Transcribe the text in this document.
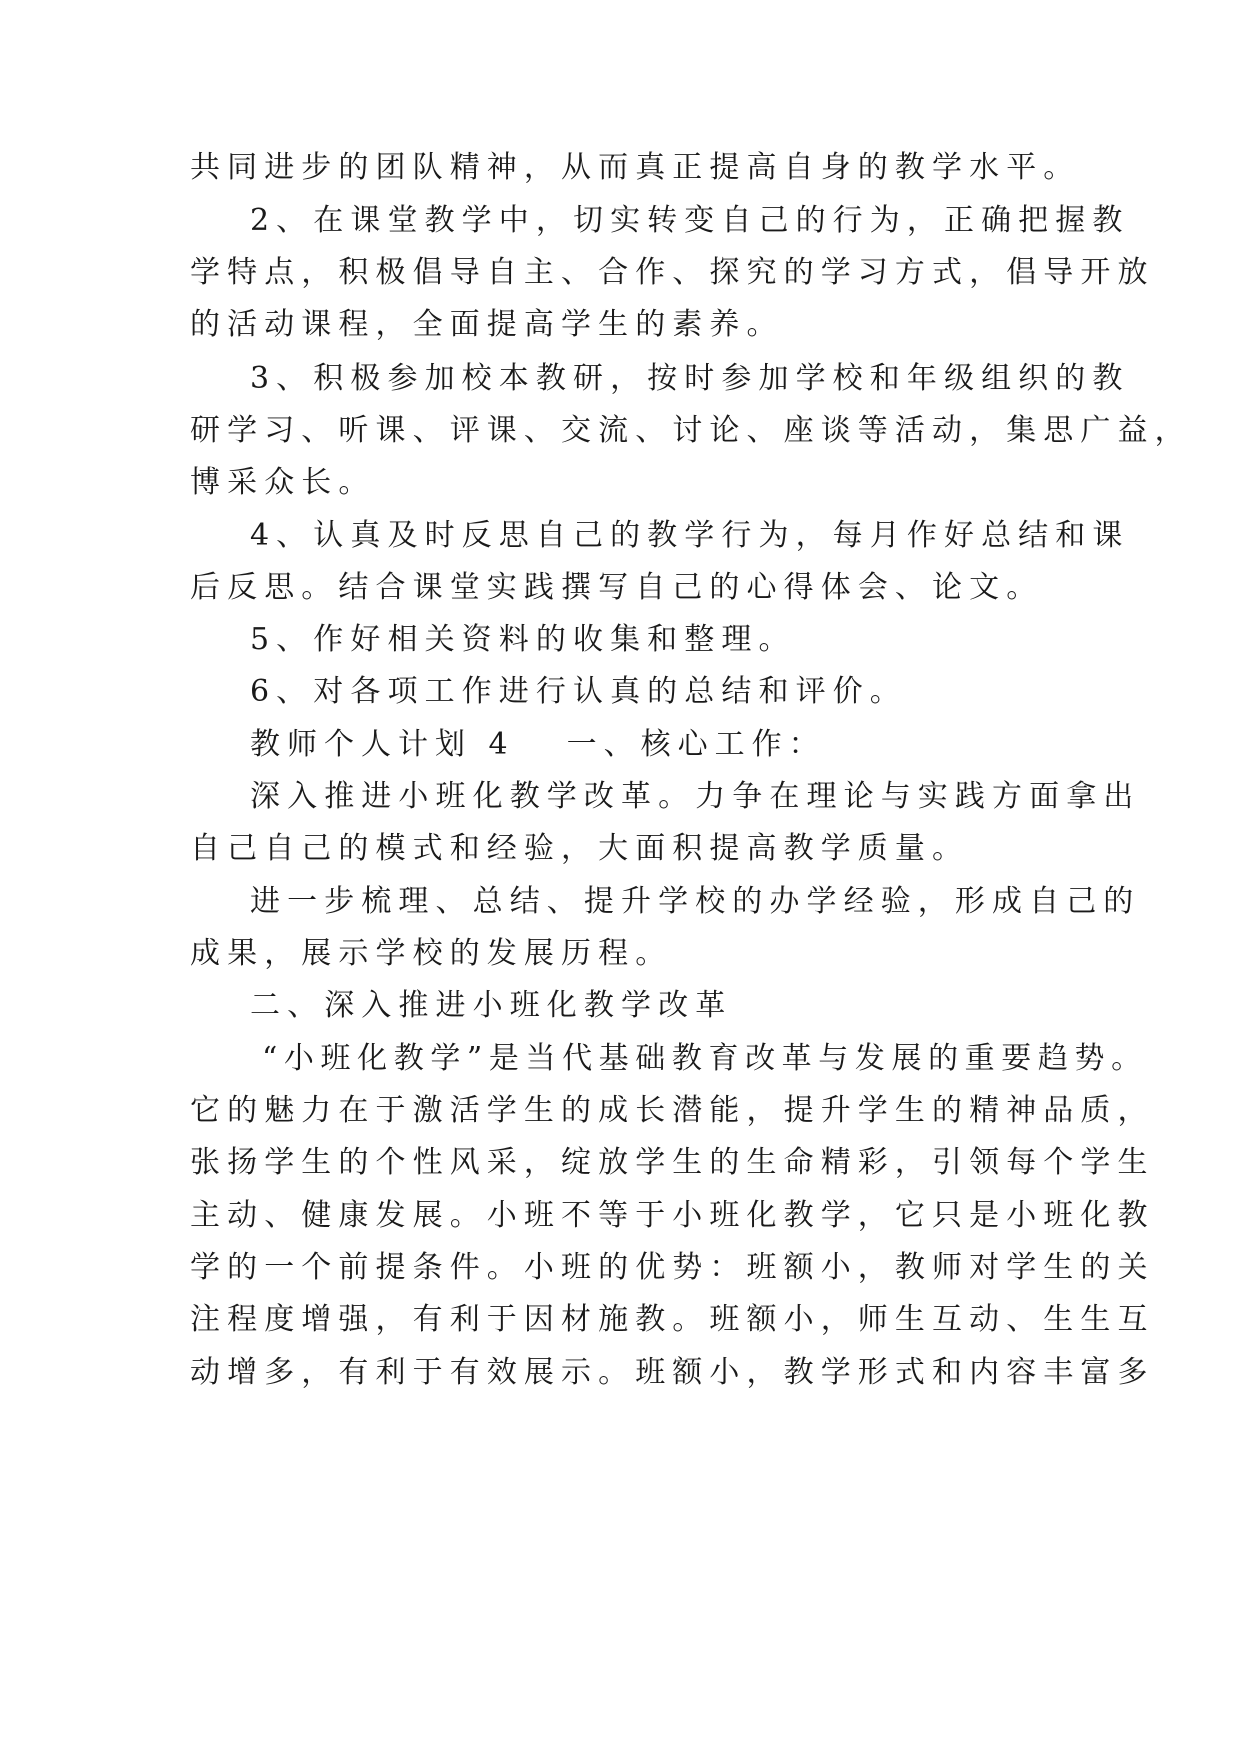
共同进步的团队精神，从而真正提高自身的教学水平。
2、在课堂教学中，切实转变自己的行为，正确把握教
学特点，积极倡导自主、合作、探究的学习方式，倡导开放
的活动课程，全面提高学生的素养。
3、积极参加校本教研，按时参加学校和年级组织的教
研学习、听课、评课、交流、讨论、座谈等活动，集思广益，
博采众长。
4、认真及时反思自己的教学行为，每月作好总结和课
后反思。结合课堂实践撰写自己的心得体会、论文。
5、作好相关资料的收集和整理。
6、对各项工作进行认真的总结和评价。
教师个人计划 4 一、核心工作：
深入推进小班化教学改革。力争在理论与实践方面拿出
自己自己的模式和经验，大面积提高教学质量。
进一步梳理、总结、提升学校的办学经验，形成自己的
成果，展示学校的发展历程。
二、深入推进小班化教学改革
“小班化教学”是当代基础教育改革与发展的重要趋势。
它的魅力在于激活学生的成长潜能，提升学生的精神品质，
张扬学生的个性风采，绽放学生的生命精彩，引领每个学生
主动、健康发展。小班不等于小班化教学，它只是小班化教
学的一个前提条件。小班的优势：班额小，教师对学生的关
注程度增强，有利于因材施教。班额小，师生互动、生生互
动增多，有利于有效展示。班额小，教学形式和内容丰富多
